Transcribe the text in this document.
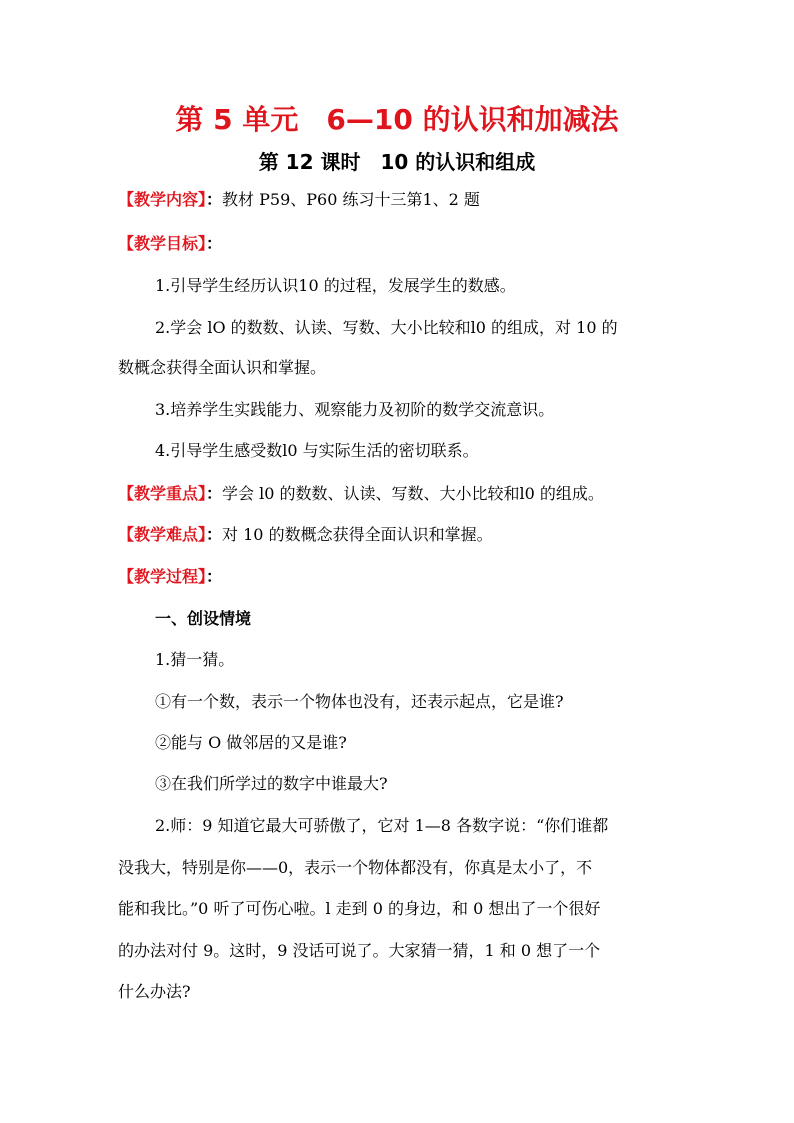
第 5 单元　6—10 的认识和加减法
第 12 课时　10 的认识和组成
【教学内容】：教材 P59、P60 练习十三第1、2 题
【教学目标】：
1.引导学生经历认识10 的过程，发展学生的数感。
2.学会 lO 的数数、认读、写数、大小比较和l0 的组成，对 10 的
数概念获得全面认识和掌握。
3.培养学生实践能力、观察能力及初阶的数学交流意识。
4.引导学生感受数l0 与实际生活的密切联系。
【教学重点】：学会 l0 的数数、认读、写数、大小比较和l0 的组成。
【教学难点】：对 10 的数概念获得全面认识和掌握。
【教学过程】：
一、创设情境
1.猜一猜。
①有一个数，表示一个物体也没有，还表示起点，它是谁?
②能与 O 做邻居的又是谁?
③在我们所学过的数字中谁最大?
2.师：9 知道它最大可骄傲了，它对 1—8 各数字说：“你们谁都
没我大，特别是你——0，表示一个物体都没有，你真是太小了，不
能和我比。”0 听了可伤心啦。l 走到 0 的身边，和 0 想出了一个很好
的办法对付 9。这时，9 没话可说了。大家猜一猜，1 和 0 想了一个
什么办法?
